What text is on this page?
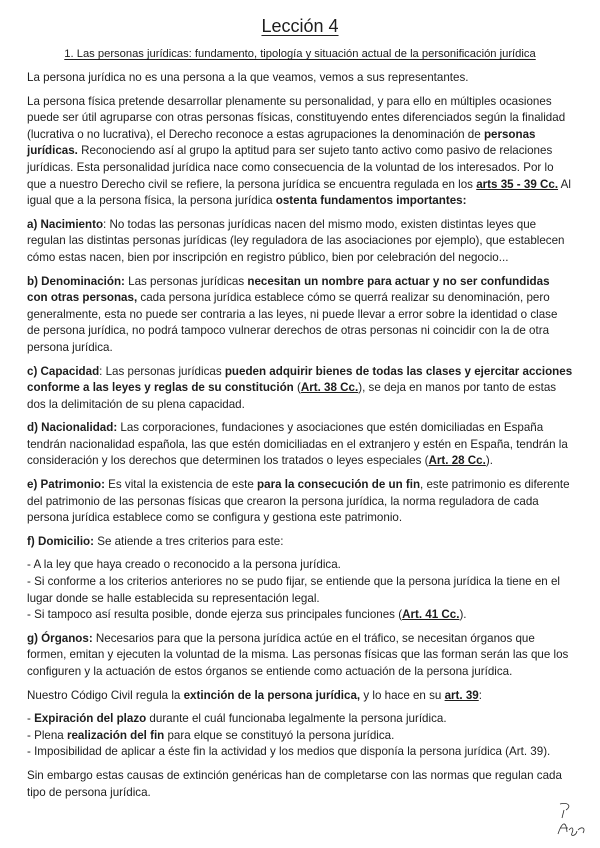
Lección 4
1. Las personas jurídicas: fundamento, tipología y situación actual de la personificación jurídica

La persona jurídica no es una persona a la que veamos, vemos a sus representantes.

La persona física pretende desarrollar plenamente su personalidad, y para ello en múltiples ocasiones puede ser útil agruparse con otras personas físicas, constituyendo entes diferenciados según la finalidad (lucrativa o no lucrativa), el Derecho reconoce a estas agrupaciones la denominación de personas jurídicas. Reconociendo así al grupo la aptitud para ser sujeto tanto activo como pasivo de relaciones jurídicas. Esta personalidad jurídica nace como consecuencia de la voluntad de los interesados. Por lo que a nuestro Derecho civil se refiere, la persona jurídica se encuentra regulada en los arts 35 - 39 Cc. Al igual que a la persona física, la persona jurídica ostenta fundamentos importantes:

a) Nacimiento: No todas las personas jurídicas nacen del mismo modo, existen distintas leyes que regulan las distintas personas jurídicas (ley reguladora de las asociaciones por ejemplo), que establecen cómo estas nacen, bien por inscripción en registro público, bien por celebración del negocio...

b) Denominación: Las personas jurídicas necesitan un nombre para actuar y no ser confundidas con otras personas, cada persona jurídica establece cómo se querrá realizar su denominación, pero generalmente, esta no puede ser contraria a las leyes, ni puede llevar a error sobre la identidad o clase de persona jurídica, no podrá tampoco vulnerar derechos de otras personas ni coincidir con la de otra persona jurídica.

c) Capacidad: Las personas jurídicas pueden adquirir bienes de todas las clases y ejercitar acciones conforme a las leyes y reglas de su constitución (Art. 38 Cc.), se deja en manos por tanto de estas dos la delimitación de su plena capacidad.

d) Nacionalidad: Las corporaciones, fundaciones y asociaciones que estén domiciliadas en España tendrán nacionalidad española, las que estén domiciliadas en el extranjero y estén en España, tendrán la consideración y los derechos que determinen los tratados o leyes especiales (Art. 28 Cc.).

e) Patrimonio: Es vital la existencia de este para la consecución de un fin, este patrimonio es diferente del patrimonio de las personas físicas que crearon la persona jurídica, la norma reguladora de cada persona jurídica establece como se configura y gestiona este patrimonio.

f) Domicilio: Se atiende a tres criterios para este:

- A la ley que haya creado o reconocido a la persona jurídica.

- Si conforme a los criterios anteriores no se pudo fijar, se entiende que la persona jurídica la tiene en el lugar donde se halle establecida su representación legal.

- Si tampoco así resulta posible, donde ejerza sus principales funciones (Art. 41 Cc.).

g) Órganos: Necesarios para que la persona jurídica actúe en el tráfico, se necesitan órganos que formen, emitan y ejecuten la voluntad de la misma. Las personas físicas que las forman serán las que los configuren y la actuación de estos órganos se entiende como actuación de la persona jurídica.

Nuestro Código Civil regula la extinción de la persona jurídica, y lo hace en su art. 39:

- Expiración del plazo durante el cuál funcionaba legalmente la persona jurídica.

- Plena realización del fin para elque se constituyó la persona jurídica.

- Imposibilidad de aplicar a éste fin la actividad y los medios que disponía la persona jurídica (Art. 39).

Sin embargo estas causas de extinción genéricas han de completarse con las normas que regulan cada tipo de persona jurídica.
